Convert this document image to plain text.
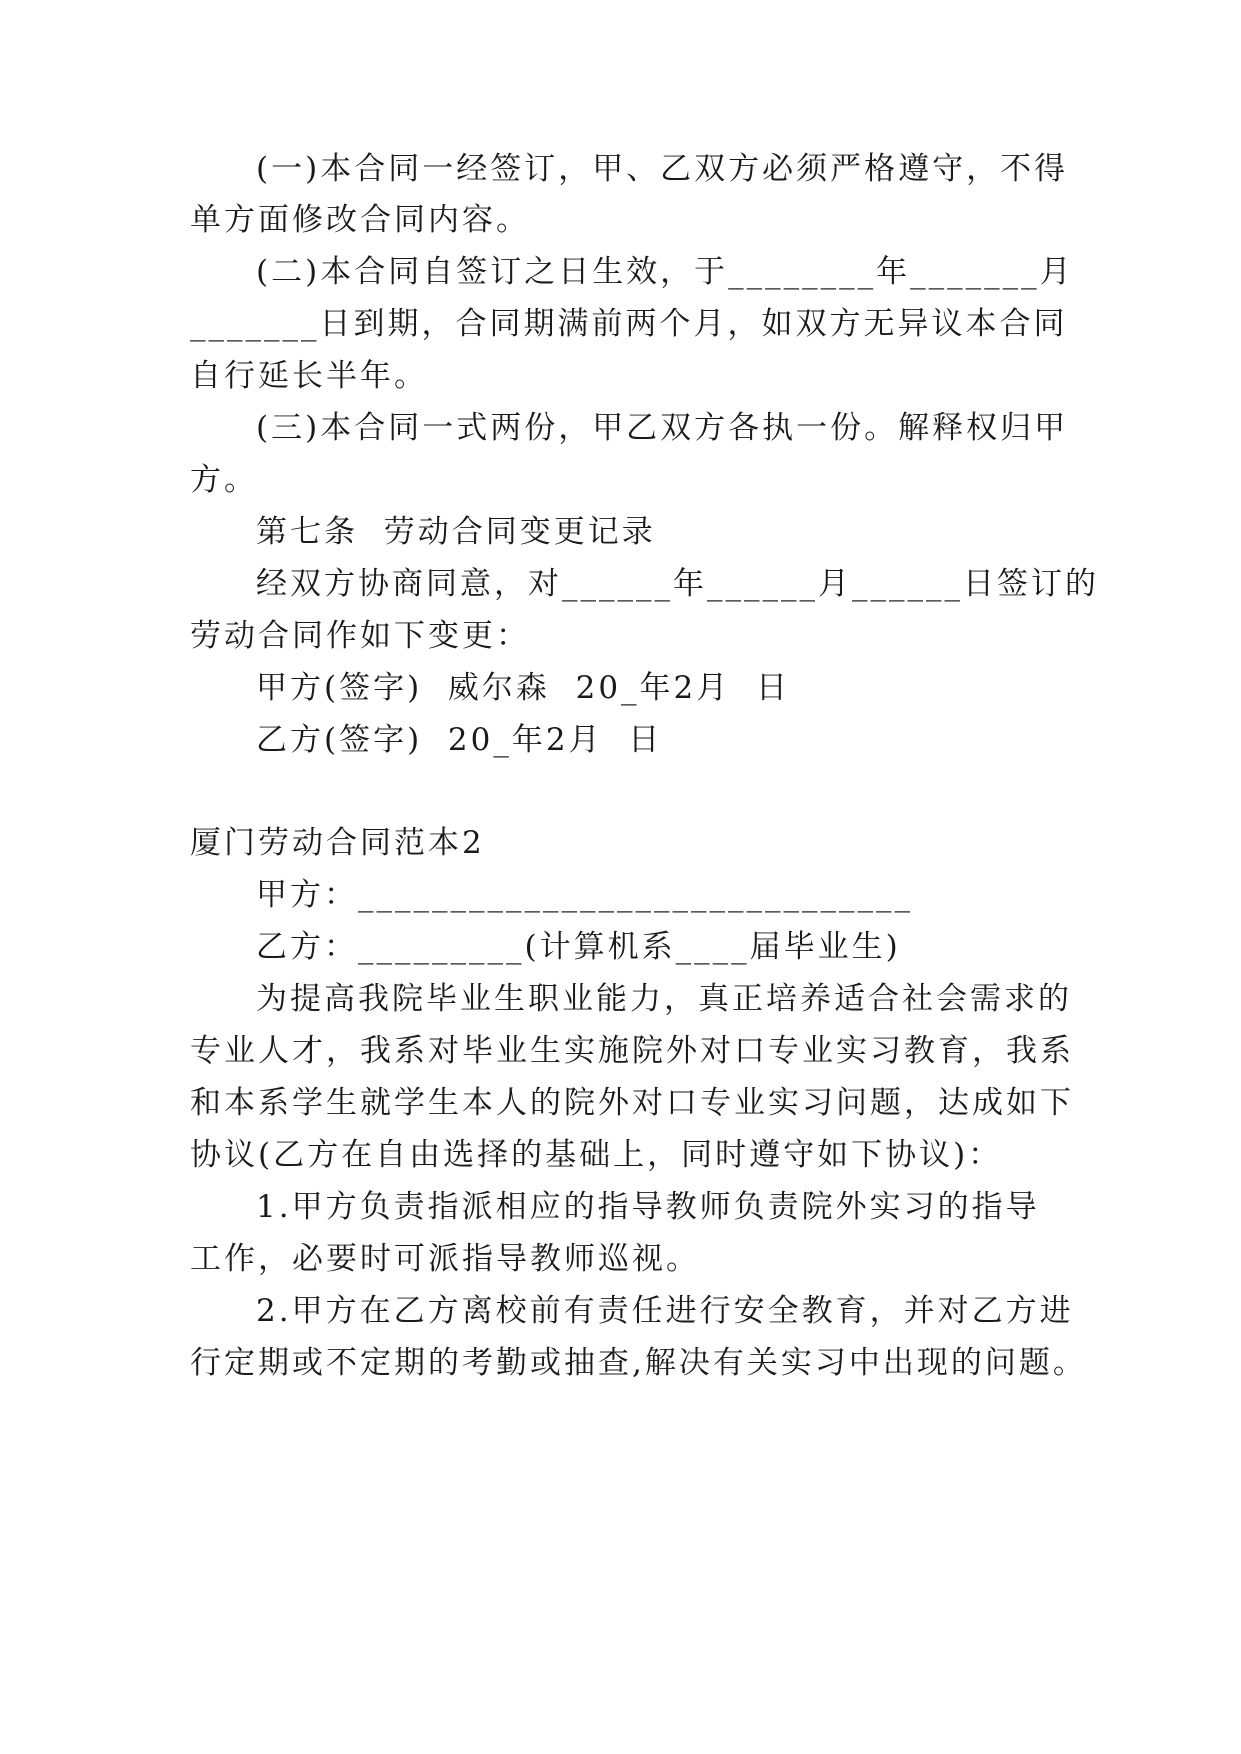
(一)本合同一经签订，甲、乙双方必须严格遵守，不得
单方面修改合同内容。
(二)本合同自签订之日生效，于________年_______月
_______日到期，合同期满前两个月，如双方无异议本合同
自行延长半年。
(三)本合同一式两份，甲乙双方各执一份。解释权归甲
方。
第七条  劳动合同变更记录
经双方协商同意，对______年______月______日签订的
劳动合同作如下变更：
甲方(签字)  威尔森  20_年2月  日
乙方(签字)  20_年2月  日
厦门劳动合同范本2
甲方：______________________________
乙方：_________(计算机系____届毕业生)
为提高我院毕业生职业能力，真正培养适合社会需求的
专业人才，我系对毕业生实施院外对口专业实习教育，我系
和本系学生就学生本人的院外对口专业实习问题，达成如下
协议(乙方在自由选择的基础上，同时遵守如下协议)：
1.甲方负责指派相应的指导教师负责院外实习的指导
工作，必要时可派指导教师巡视。
2.甲方在乙方离校前有责任进行安全教育，并对乙方进
行定期或不定期的考勤或抽查,解决有关实习中出现的问题。
